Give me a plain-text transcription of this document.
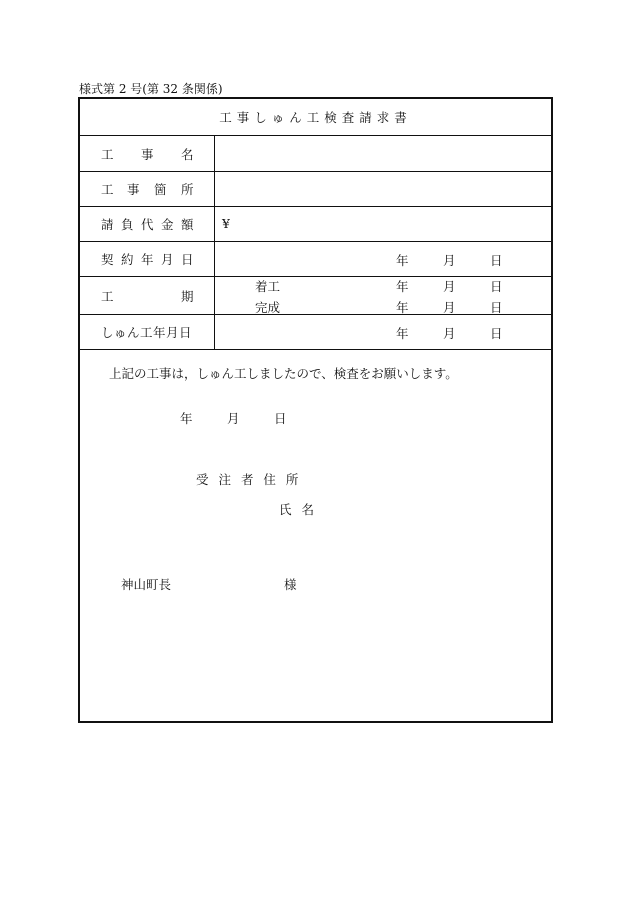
様式第 2 号(第 32 条関係)
工事しゅん工検査請求書
工 事 名
工 事 箇 所
請 負 代 金 額 ¥
契 約 年 月 日	年	月	日
工	期
着工	年	月	日
完成	年	月	日
しゅん工年月日	年	月	日
上記の工事は，しゅん工しましたので、検査をお願いします。
年	月	日
受 注 者 住 所
氏 名
神山町長	様
